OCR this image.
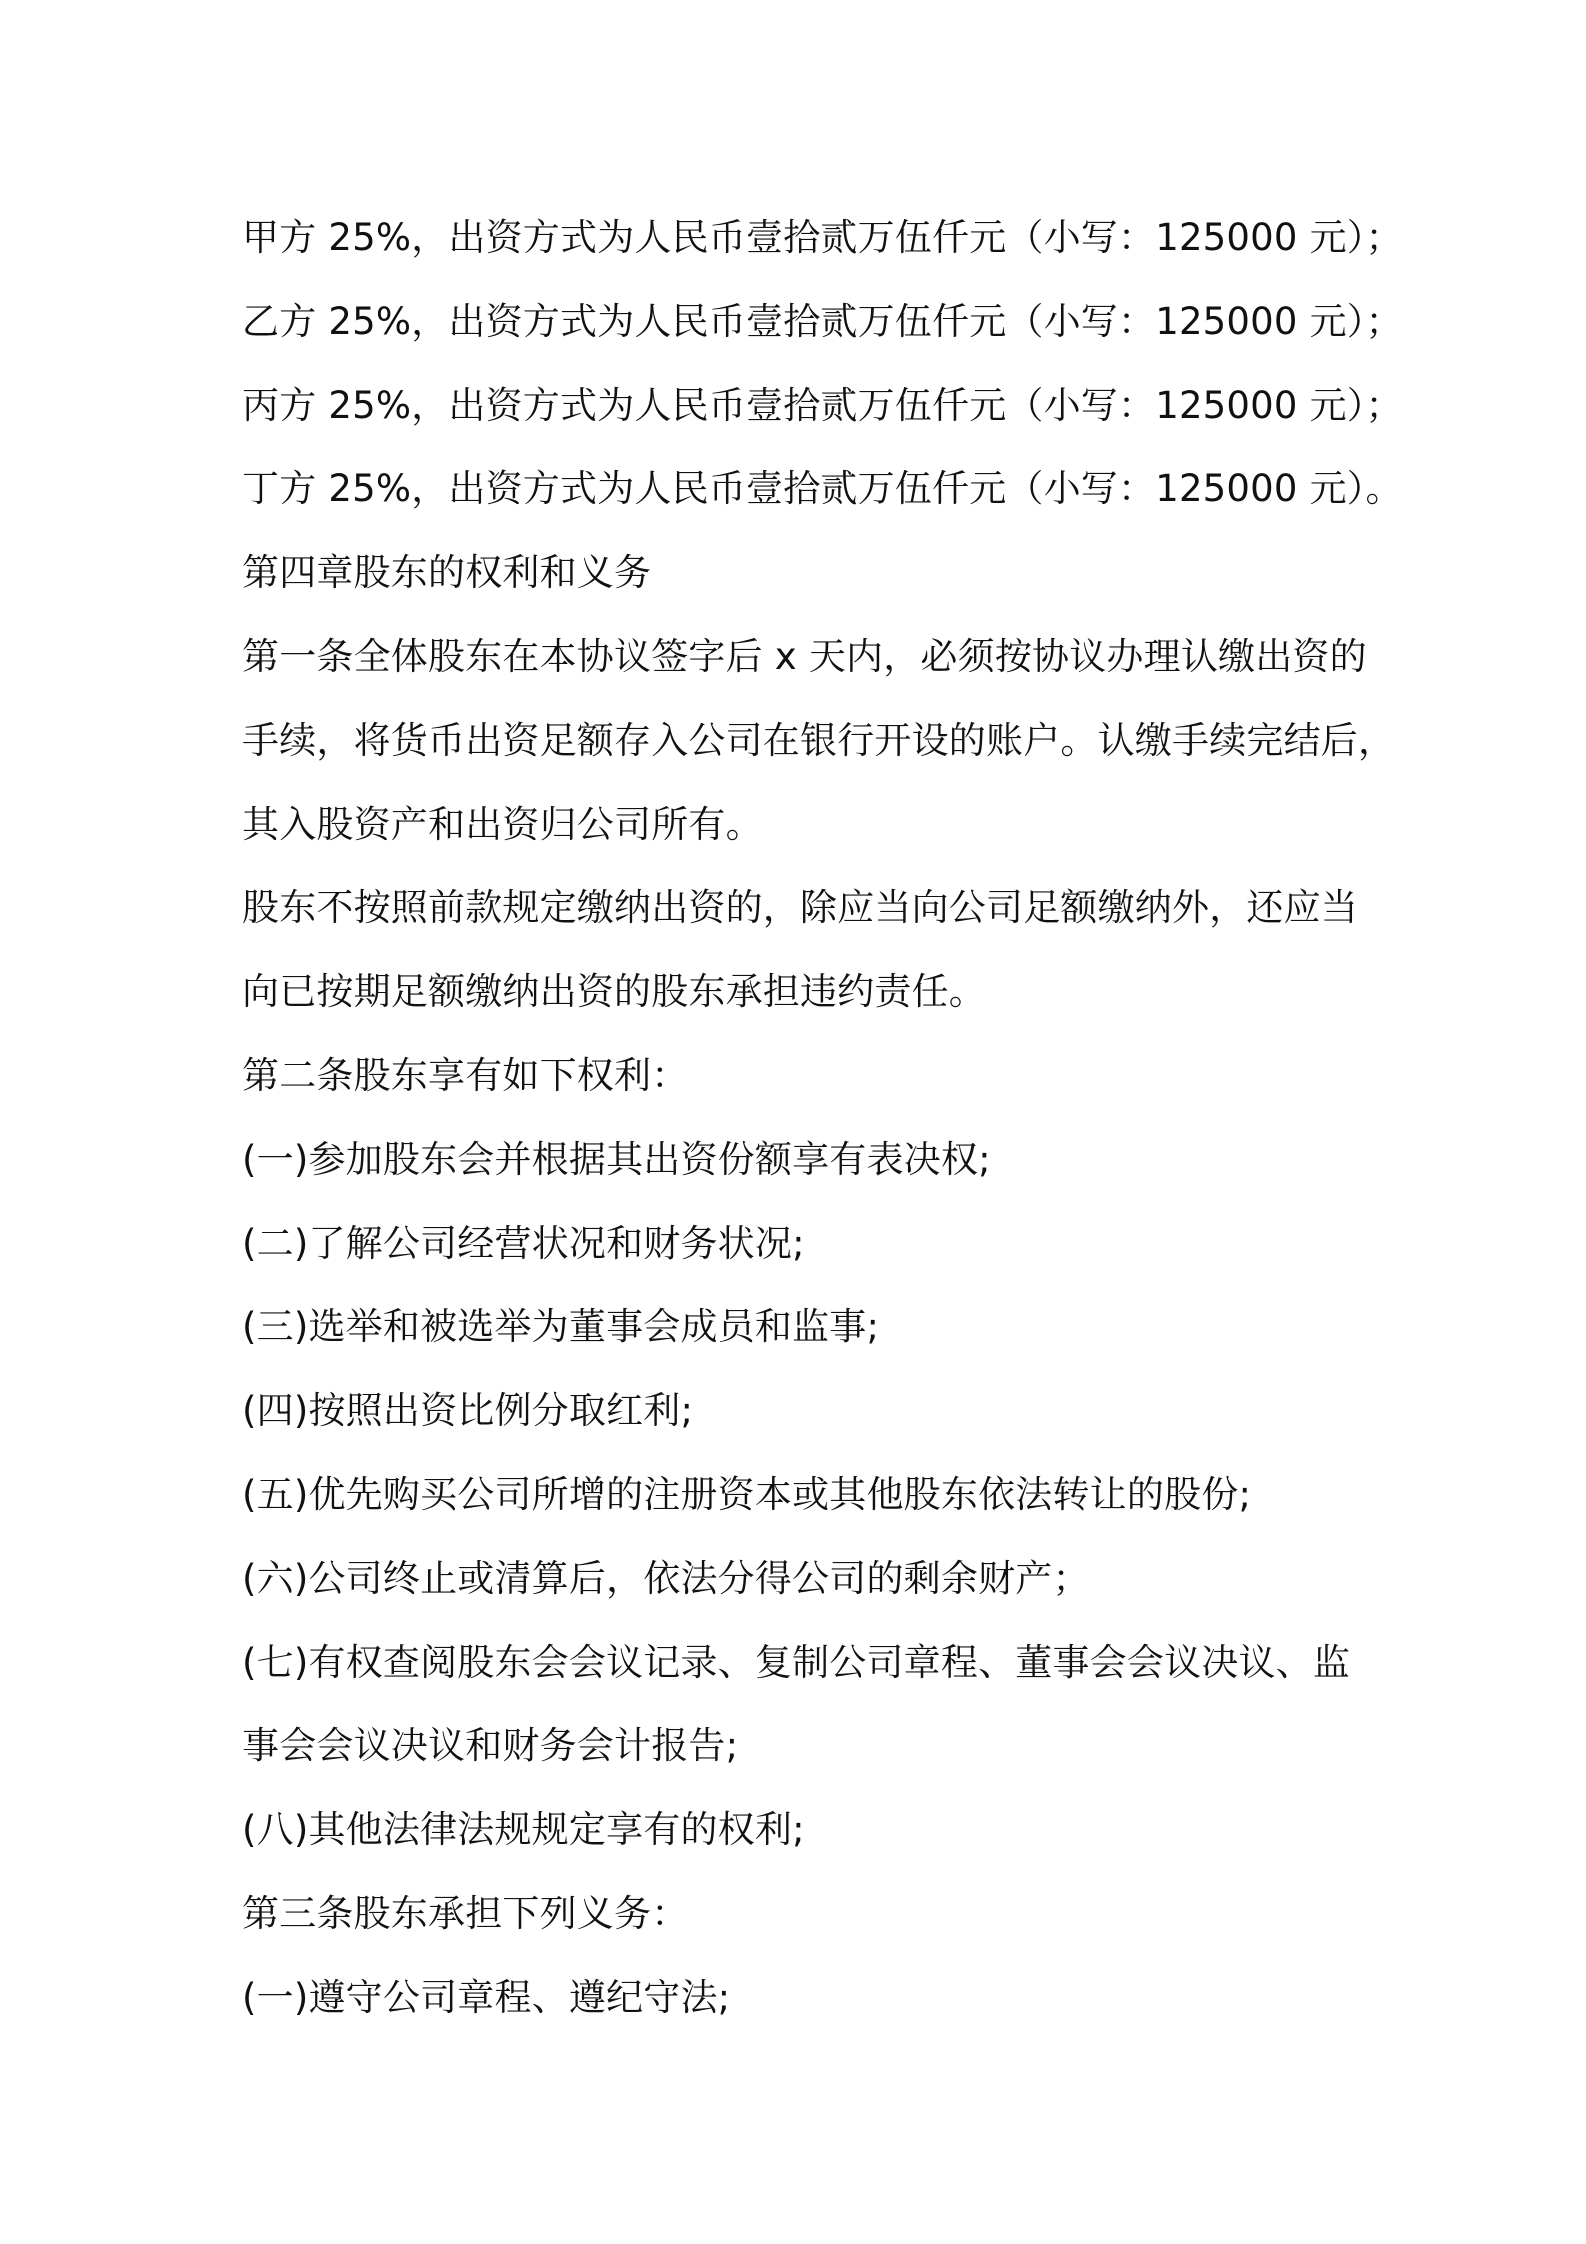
甲方 25%，出资方式为人民币壹拾贰万伍仟元（小写：125000 元）；
乙方 25%，出资方式为人民币壹拾贰万伍仟元（小写：125000 元）；
丙方 25%，出资方式为人民币壹拾贰万伍仟元（小写：125000 元）；
丁方 25%，出资方式为人民币壹拾贰万伍仟元（小写：125000 元）。
第四章股东的权利和义务
第一条全体股东在本协议签字后 x 天内，必须按协议办理认缴出资的
手续，将货币出资足额存入公司在银行开设的账户。认缴手续完结后，
其入股资产和出资归公司所有。
股东不按照前款规定缴纳出资的，除应当向公司足额缴纳外，还应当
向已按期足额缴纳出资的股东承担违约责任。
第二条股东享有如下权利：
(一)参加股东会并根据其出资份额享有表决权;
(二)了解公司经营状况和财务状况;
(三)选举和被选举为董事会成员和监事;
(四)按照出资比例分取红利;
(五)优先购买公司所增的注册资本或其他股东依法转让的股份;
(六)公司终止或清算后，依法分得公司的剩余财产；
(七)有权查阅股东会会议记录、复制公司章程、董事会会议决议、监
事会会议决议和财务会计报告;
(八)其他法律法规规定享有的权利;
第三条股东承担下列义务：
(一)遵守公司章程、遵纪守法;
